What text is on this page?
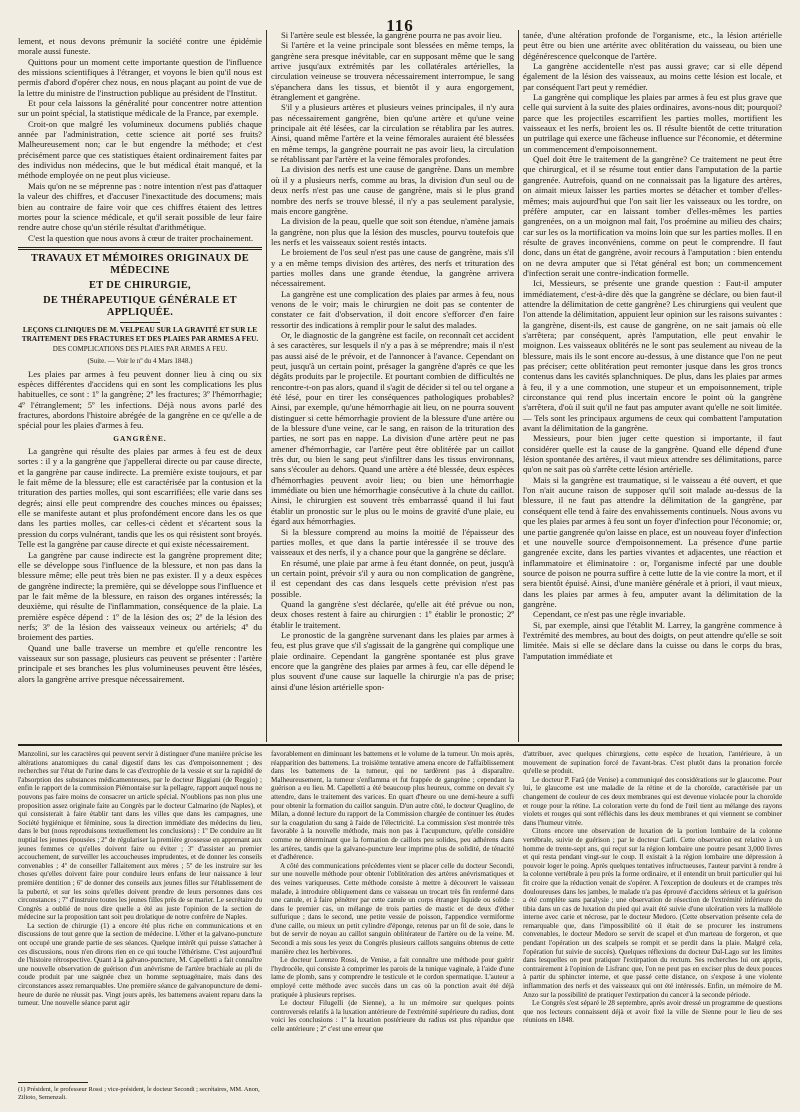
116

lement, et nous devons prémunir la société contre une épidémie morale aussi funeste.

Quittons pour un moment cette importante question de l'influence des missions scientifiques à l'étranger, et voyons le bien qu'il nous est permis d'abord d'opérer chez nous, en nous plaçant au point de vue de la lettre du ministre de l'instruction publique au président de l'Institut.

Et pour cela laissons la généralité pour concentrer notre attention sur un point spécial, la statistique médicale de la France, par exemple.

Croit-on que malgré les volumineux documens publiés chaque année par l'administration, cette science ait porté ses fruits? Malheureusement non; car le but engendre la méthode; et c'est précisément parce que ces statistiques étaient ordinairement faites par des individus non médecins, que le but médical était manqué, et la méthode employée on ne peut plus vicieuse.

Mais qu'on ne se méprenne pas : notre intention n'est pas d'attaquer la valeur des chiffres, et d'accuser l'inexactitude des documens; mais bien au contraire de faire voir que ces chiffres étaient des lettres mortes pour la science médicale, et qu'il serait possible de leur faire rendre autre chose qu'un stérile résultat d'arithmétique.

C'est la question que nous avons à cœur de traiter prochainement.

TRAVAUX ET MÉMOIRES ORIGINAUX DE MÉDECINE
ET DE CHIRURGIE,
DE THÉRAPEUTIQUE GÉNÉRALE ET APPLIQUÉE.
LEÇONS CLINIQUES DE M. VELPEAU SUR LA GRAVITÉ ET SUR LE TRAITEMENT DES FRACTURES ET DES PLAIES PAR ARMES A FEU.
DES COMPLICATIONS DES PLAIES PAR ARMES A FEU.
(Suite. — Voir le nº du 4 Mars 1848.)

Les plaies par armes à feu peuvent donner lieu à cinq ou six espèces différentes d'accidens qui en sont les complications les plus habituelles, ce sont : 1º la gangrène; 2º les fractures; 3º l'hémorrhagie; 4º l'étranglement; 5º les infections. Déjà nous avons parlé des fractures, abordons l'histoire abrégée de la gangrène en ce qu'elle a de spécial pour les plaies d'armes à feu.

GANGRÈNE.

La gangrène qui résulte des plaies par armes à feu est de deux sortes : il y a la gangrène que j'appellerai directe ou par cause directe, et la gangrène par cause indirecte. La première existe toujours, et par le fait même de la blessure; elle est caractérisée par la contusion et la trituration des parties molles, qui sont escarrifiées; elle varie dans ses degrés; ainsi elle peut comprendre des couches minces ou épaisses; elle se manifeste autant et plus profondément encore dans les os que dans les parties molles, car celles-ci cèdent et s'écartent sous la pression du corps vulnérant, tandis que les os qui résistent sont broyés. Telle est la gangrène par cause directe et qui existe nécessairement.

La gangrène par cause indirecte est la gangrène proprement dite; elle se développe sous l'influence de la blessure, et non pas dans la blessure même; elle peut très bien ne pas exister. Il y a deux espèces de gangrène indirecte; la première, qui se développe sous l'influence et par le fait même de la blessure, en raison des organes intéressés; la deuxième, qui résulte de l'inflammation, conséquence de la plaie. La première espèce dépend : 1º de la lésion des os; 2º de la lésion des nerfs; 3º de la lésion des vaisseaux veineux ou artériels; 4º du broiement des parties.

Quand une balle traverse un membre et qu'elle rencontre les vaisseaux sur son passage, plusieurs cas peuvent se présenter : l'artère principale et ses branches les plus volumineuses peuvent être lésées, alors la gangrène arrive presque nécessairement.

Si l'artère seule est blessée, la gangrène pourra ne pas avoir lieu.

Si l'artère et la veine principale sont blessées en même temps, la gangrène sera presque inévitable, car en supposant même que le sang arrive jusqu'aux extrémités par les collatérales artérielles, la circulation veineuse se trouvera nécessairement interrompue, le sang s'épanchera dans les tissus, et bientôt il y aura engorgement, étranglement et gangrène.

S'il y a plusieurs artères et plusieurs veines principales, il n'y aura pas nécessairement gangrène, bien qu'une artère et qu'une veine principale ait été lésées, car la circulation se rétablira par les autres. Ainsi, quand même l'artère et la veine fémorales auraient été blessées en même temps, la gangrène pourrait ne pas avoir lieu, la circulation se rétablissant par l'artère et la veine fémorales profondes.

La division des nerfs est une cause de gangrène. Dans un membre où il y a plusieurs nerfs, comme au bras, la division d'un seul ou de deux nerfs n'est pas une cause de gangrène, mais si le plus grand nombre des nerfs se trouve blessé, il n'y a pas seulement paralysie, mais encore gangrène.

La division de la peau, quelle que soit son étendue, n'amène jamais la gangrène, non plus que la lésion des muscles, pourvu toutefois que les nerfs et les vaisseaux soient restés intacts.

Le broiement de l'os seul n'est pas une cause de gangrène, mais s'il y a en même temps division des artères, des nerfs et trituration des parties molles dans une grande étendue, la gangrène arrivera nécessairement.

La gangrène est une complication des plaies par armes à feu, nous venons de le voir; mais le chirurgien ne doit pas se contenter de constater ce fait d'observation, il doit encore s'efforcer d'en faire ressortir des indications à remplir pour le salut des malades.

Or, le diagnostic de la gangrène est facile, on reconnaît cet accident à ses caractères, sur lesquels il n'y a pas à se méprendre; mais il n'est pas aussi aisé de le prévoir, et de l'annoncer à l'avance. Cependant on peut, jusqu'à un certain point, présager la gangrène d'après ce que les dégâts produits par le projectile. Et pourtant combien de difficultés ne rencontre-t-on pas alors, quand il s'agit de décider si tel ou tel organe a été lésé, pour en tirer les conséquences pathologiques probables? Ainsi, par exemple, qu'une hémorrhagie ait lieu, on ne pourra souvent distinguer si cette hémorrhagie provient de la blessure d'une artère ou de la blessure d'une veine, car le sang, en raison de la trituration des parties, ne sort pas en nappe. La division d'une artère peut ne pas amener d'hémorrhagie, car l'artère peut être oblitérée par un caillot très dur, ou bien le sang peut s'infiltrer dans les tissus environnans, sans s'écouler au dehors. Quand une artère a été blessée, deux espèces d'hémorrhagies peuvent avoir lieu; ou bien une hémorrhagie immédiate ou bien une hémorrhagie consécutive à la chute du caillot. Ainsi, le chirurgien est souvent très embarrassé quand il lui faut établir un pronostic sur le plus ou le moins de gravité d'une plaie, eu égard aux hémorrhagies.

Si la blessure comprend au moins la moitié de l'épaisseur des parties molles, et que dans la partie intéressée il se trouve des vaisseaux et des nerfs, il y a chance pour que la gangrène se déclare.

En résumé, une plaie par arme à feu étant donnée, on peut, jusqu'à un certain point, prévoir s'il y aura ou non complication de gangrène, il est cependant des cas dans lesquels cette prévision n'est pas possible.

Quand la gangrène s'est déclarée, qu'elle ait été prévue ou non, deux choses restent à faire au chirurgien : 1º établir le pronostic; 2º établir le traitement.

Le pronostic de la gangrène survenant dans les plaies par armes à feu, est plus grave que s'il s'agissait de la gangrène qui complique une plaie ordinaire. Cependant la gangrène spontanée est plus grave encore que la gangrène des plaies par armes à feu, car elle dépend le plus souvent d'une cause sur laquelle la chirurgie n'a pas de prise; ainsi d'une lésion artérielle spon-

tanée, d'une altération profonde de l'organisme, etc., la lésion artérielle peut être ou bien une artérite avec oblitération du vaisseau, ou bien une dégénérescence quelconque de l'artère.

La gangrène accidentelle n'est pas aussi grave; car si elle dépend également de la lésion des vaisseaux, au moins cette lésion est locale, et par conséquent l'art peut y remédier.

La gangrène qui complique les plaies par armes à feu est plus grave que celle qui survient à la suite des plaies ordinaires, avons-nous dit; pourquoi? parce que les projectiles escarrifient les parties molles, mortifient les vaisseaux et les nerfs, broient les os. Il résulte bientôt de cette trituration un putrilage qui exerce une fâcheuse influence sur l'économie, et détermine un commencement d'empoisonnement.

Quel doit être le traitement de la gangrène? Ce traitement ne peut être que chirurgical, et il se résume tout entier dans l'amputation de la partie gangrenée. Autrefois, quand on ne connaissait pas la ligature des artères, on aimait mieux laisser les parties mortes se détacher et tomber d'elles-mêmes; mais aujourd'hui que l'on sait lier les vaisseaux ou les tordre, on préfère amputer, car en laissant tomber d'elles-mêmes les parties gangrenées, on a un moignon mal fait, l'os proémine au milieu des chairs; car sur les os la mortification va moins loin que sur les parties molles. Il en résulte de graves inconvéniens, comme on peut le comprendre. Il faut donc, dans un état de gangrène, avoir recours à l'amputation : bien entendu on ne devra amputer que si l'état général est bon; un commencement d'infection serait une contre-indication formelle.

Ici, Messieurs, se présente une grande question : Faut-il amputer immédiatement, c'est-à-dire dès que la gangrène se déclare, ou bien faut-il attendre la délimitation de cette gangrène? Les chirurgiens qui veulent que l'on attende la délimitation, appuient leur opinion sur les raisons suivantes : la gangrène, disent-ils, est cause de gangrène, on ne sait jamais où elle s'arrêtera; par conséquent, après l'amputation, elle peut envahir le moignon. Les vaisseaux oblitérés ne le sont pas seulement au niveau de la blessure, mais ils le sont encore au-dessus, à une distance que l'on ne peut pas préciser; cette oblitération peut remonter jusque dans les gros troncs contenus dans les cavités splanchniques. De plus, dans les plaies par armes à feu, il y a une commotion, une stupeur et un empoisonnement, triple circonstance qui rend plus incertain encore le point où la gangrène s'arrêtera, d'où il suit qu'il ne faut pas amputer avant qu'elle ne soit limitée.— Tels sont les principaux argumens de ceux qui combattent l'amputation avant la délimitation de la gangrène.

Messieurs, pour bien juger cette question si importante, il faut considérer quelle est la cause de la gangrène. Quand elle dépend d'une lésion spontanée des artères, il vaut mieux attendre ses délimitations, parce qu'on ne sait pas où s'arrête cette lésion artérielle.

Mais si la gangrène est traumatique, si le vaisseau a été ouvert, et que l'on n'ait aucune raison de supposer qu'il soit malade au-dessus de la blessure, il ne faut pas attendre la délimitation de la gangrène, par conséquent elle tend à faire des envahissements continuels. Nous avons vu que les plaies par armes à feu sont un foyer d'infection pour l'économie; or, une partie gangrenée qu'on laisse en place, est un nouveau foyer d'infection et une nouvelle source d'empoisonnement. La présence d'une partie gangrenée excite, dans les parties vivantes et adjacentes, une réaction et inflammatoire et éliminatoire : or, l'organisme infecté par une double source de poison ne pourra suffire à cette lutte de la vie contre la mort, et il sera bientôt épuisé. Ainsi, d'une manière générale et à priori, il vaut mieux, dans les plaies par armes à feu, amputer avant la délimitation de la gangrène.

Cependant, ce n'est pas une règle invariable.

Si, par exemple, ainsi que l'établit M. Larrey, la gangrène commence à l'extrémité des membres, au bout des doigts, on peut attendre qu'elle se soit limitée. Mais si elle se déclare dans la cuisse ou dans le corps du bras, l'amputation immédiate et

Manzolini, sur les caractères qui peuvent servir à distinguer d'une manière précise les altérations anatomiques du canal digestif dans les cas d'empoisonnement ; des recherches sur l'état de l'urine dans le cas d'extrophie de la vessie et sur la rapidité de l'absorption des substances médicamenteuses, par le docteur Biggiani (de Reggio) ; enfin le rapport de la commission Piémontaise sur la pellagre, rapport auquel nous ne pouvons pas faire moins de consacrer un article spécial. N'oublions pas non plus une proposition assez originale faite au Congrès par le docteur Calmarino (de Naples), et qui consisterait à faire établir tant dans les villes que dans les campagnes, une Société hygiénique et féminine, sous la direction immédiate des médecins du lieu, dans le but (nous reproduisons textuellement les conclusions) : 1º De conduire au lit nuptial les jeunes épousées ; 2º de régulariser la première grossesse en apprenant aux jeunes femmes ce qu'elles doivent faire ou éviter ; 3º d'assister au premier accouchement, de surveiller les accoucheuses imprudentes, et de donner les conseils convenables ; 4º de conseiller l'allaitement aux mères ; 5º de les instruire sur les choses qu'elles doivent faire pour conduire leurs enfans de leur naissance à leur première dentition ; 6º de donner des conseils aux jeunes filles sur l'établissement de la puberté, et sur les soins qu'elles doivent prendre de leurs personnes dans ces circonstances ; 7º d'instruire toutes les jeunes filles près de se marier. Le secrétaire du Congrès a oublié de nous dire quelle a été au juste l'opinion de la section de médecine sur la proposition tant soit peu drolatique de notre confrère de Naples.

La section de chirurgie (1) a encore été plus riche en communications et en discussions de tout genre que la section de médecine. L'éther et la galvano-puncture ont occupé une grande partie de ses séances. Quelque intérêt qui puisse s'attacher à ces discussions, nous n'en dirons rien en ce qui touche l'éthérisme. C'est aujourd'hui de l'histoire rétrospective. Quant à la galvano-puncture, M. Capelletti a fait connaître une nouvelle observation de guérison d'un anévrisme de l'artère brachiale au pli du coude produit par une saignée chez un homme septuagénaire, mais dans des circonstances assez remarquables. Une première séance de galvanopuncture de demi-heure de durée ne réussit pas. Vingt jours après, les battemens avaient reparu dans la tumeur. Une nouvelle séance parut agir

favorablement en diminuant les battemens et le volume de la tumeur. Un mois après, réapparition des battemens. La troisième tentative amena encore de l'affaiblissement dans les battemens de la tumeur, qui ne tardèrent pas à disparaître. Malheureusement, la tumeur s'enflamma et fut frappée de gangrène ; cependant la guérison a eu lieu. M. Capelletti a été beaucoup plus heureux, comme on devait s'y attendre, dans le traitement des varices. En quart d'heure ou une demi-heure a suffi pour obtenir la formation du caillot sanguin. D'un autre côté, le docteur Quaglino, de Milan, a donné lecture du rapport de la Commission chargée de continuer les études sur la coagulation du sang à l'aide de l'électricité. La commission s'est montrée très favorable à la nouvelle méthode, mais non pas à l'acupuncture, qu'elle considère comme ne déterminant que la formation de caillots peu solides, peu adhérens dans les artères, tandis que la galvano-puncture leur imprime plus de solidité, de ténacité et d'adhérence.

A côté des communications précédentes vient se placer celle du docteur Secondi, sur une nouvelle méthode pour obtenir l'oblitération des artères anévrismatiques et des veines variqueuses. Cette méthode consiste à mettre à découvert le vaisseau malade, à introduire obliquement dans ce vaisseau un trocart très fin renfermé dans une canule, et à faire pénétrer par cette canule un corps étranger liquide ou solide : dans le premier cas, un mélange de trois parties de mastic et de deux d'éther sulfurique ; dans le second, une petite vessie de poisson, l'appendice vermiforme d'une caille, ou mieux un petit cylindre d'éponge, retenus par un fil de soie, dans le but de servir de noyau au caillot sanguin oblitérateur de l'artère ou de la veine. M. Secondi a mis sous les yeux du Congrès plusieurs caillots sanguins obtenus de cette manière chez les herbivores.

Le docteur Lorenzo Rossi, de Venise, a fait connaître une méthode pour guérir l'hydrocèle, qui consiste à comprimer les parois de la tunique vaginale, à l'aide d'une lame de plomb, sans y comprendre le testicule et le cordon spermatique. L'auteur a employé cette méthode avec succès dans un cas où la ponction avait été déjà pratiquée à plusieurs reprises.

Le docteur Filugelli (de Sienne), a lu un mémoire sur quelques points controversés relatifs à la luxation antérieure de l'extrémité supérieure du radius, dont voici les conclusions : 1º la luxation postérieure du radius est plus répandue que celle antérieure ; 2º c'est une erreur que

d'attribuer, avec quelques chirurgiens, cette espèce de luxation, l'antérieure, à un mouvement de supination forcé de l'avant-bras. C'est plutôt dans la pronation forcée qu'elle se produit.

Le docteur P. Farâ (de Venise) a communiqué des considérations sur le glaucome. Pour lui, le glaucome est une maladie de la rétine et de la choroïde, caractérisée par un changement de couleur de ces deux membranes qui est devenue violacée pour la choroïde et rouge pour la rétine. La coloration verte du fond de l'œil tient au mélange des rayons violets et rouges qui sont réfléchis dans les deux membranes et qui viennent se combiner dans l'humeur vitrée.

Citons encore une observation de luxation de la portion lombaire de la colonne vertébrale, suivie de guérison ; par le docteur Carli. Cette observation est relative à un homme de trente-sept ans, qui reçut sur la région lombaire une poutre pesant 3,000 livres et qui resta pendant vingt-sur le coup. Il existait à la région lombaire une dépression à pouvoir loger le poing. Après quelques tentatives infructueuses, l'auteur parvint à rendre à la colonne vertébrale à peu près la forme ordinaire, et il entendit un bruit particulier qui lui fit croire que la réduction venait de s'opérer. A l'exception de douleurs et de crampes très douloureuses dans les jambes, le malade n'a pas éprouvé d'accidens sérieux et la guérison a été complète sans paralysie ; une observation de résection de l'extrémité inférieure du tibia dans un cas de luxation du pied qui avait été suivie d'une ulcération vers la malléole interne avec carie et nécrose, par le docteur Medoro. (Cette observation présente cela de remarquable que, dans l'impossibilité où il était de se procurer les instrumens convenables, le docteur Medoro se servit de scapel et d'un marteau de forgeron, et que pendant l'opération un des scalpels se rompit et se perdit dans la plaie. Malgré cela, l'opération fut suivie de succès). Quelques réflexions du docteur Dal-Lago sur les limites dans lesquelles on peut pratiquer l'extirpation du rectum. Ses recherches lui ont appris, contrairement à l'opinion de Lisfranc que, l'on ne peut pas en exciser plus de deux pouces à partir du sphincter interne, et que passé cette distance, on s'expose à une violente inflammation des nerfs et des vaisseaux qui ont été intéressés. Enfin, un mémoire de M. Anzo sur la possibilité de pratiquer l'extirpation du cancer à la seconde période.

Le Congrès s'est séparé le 28 septembre, après avoir dressé un programme de questions que nos lecteurs connaissent déjà et avoir fixé la ville de Sienne pour le lieu de ses réunions en 1848.

(1) Président, le professeur Rossi ; vice-président, le docteur Secondi ; secrétaires, MM. Anon, Zilioto, Semenzali.
